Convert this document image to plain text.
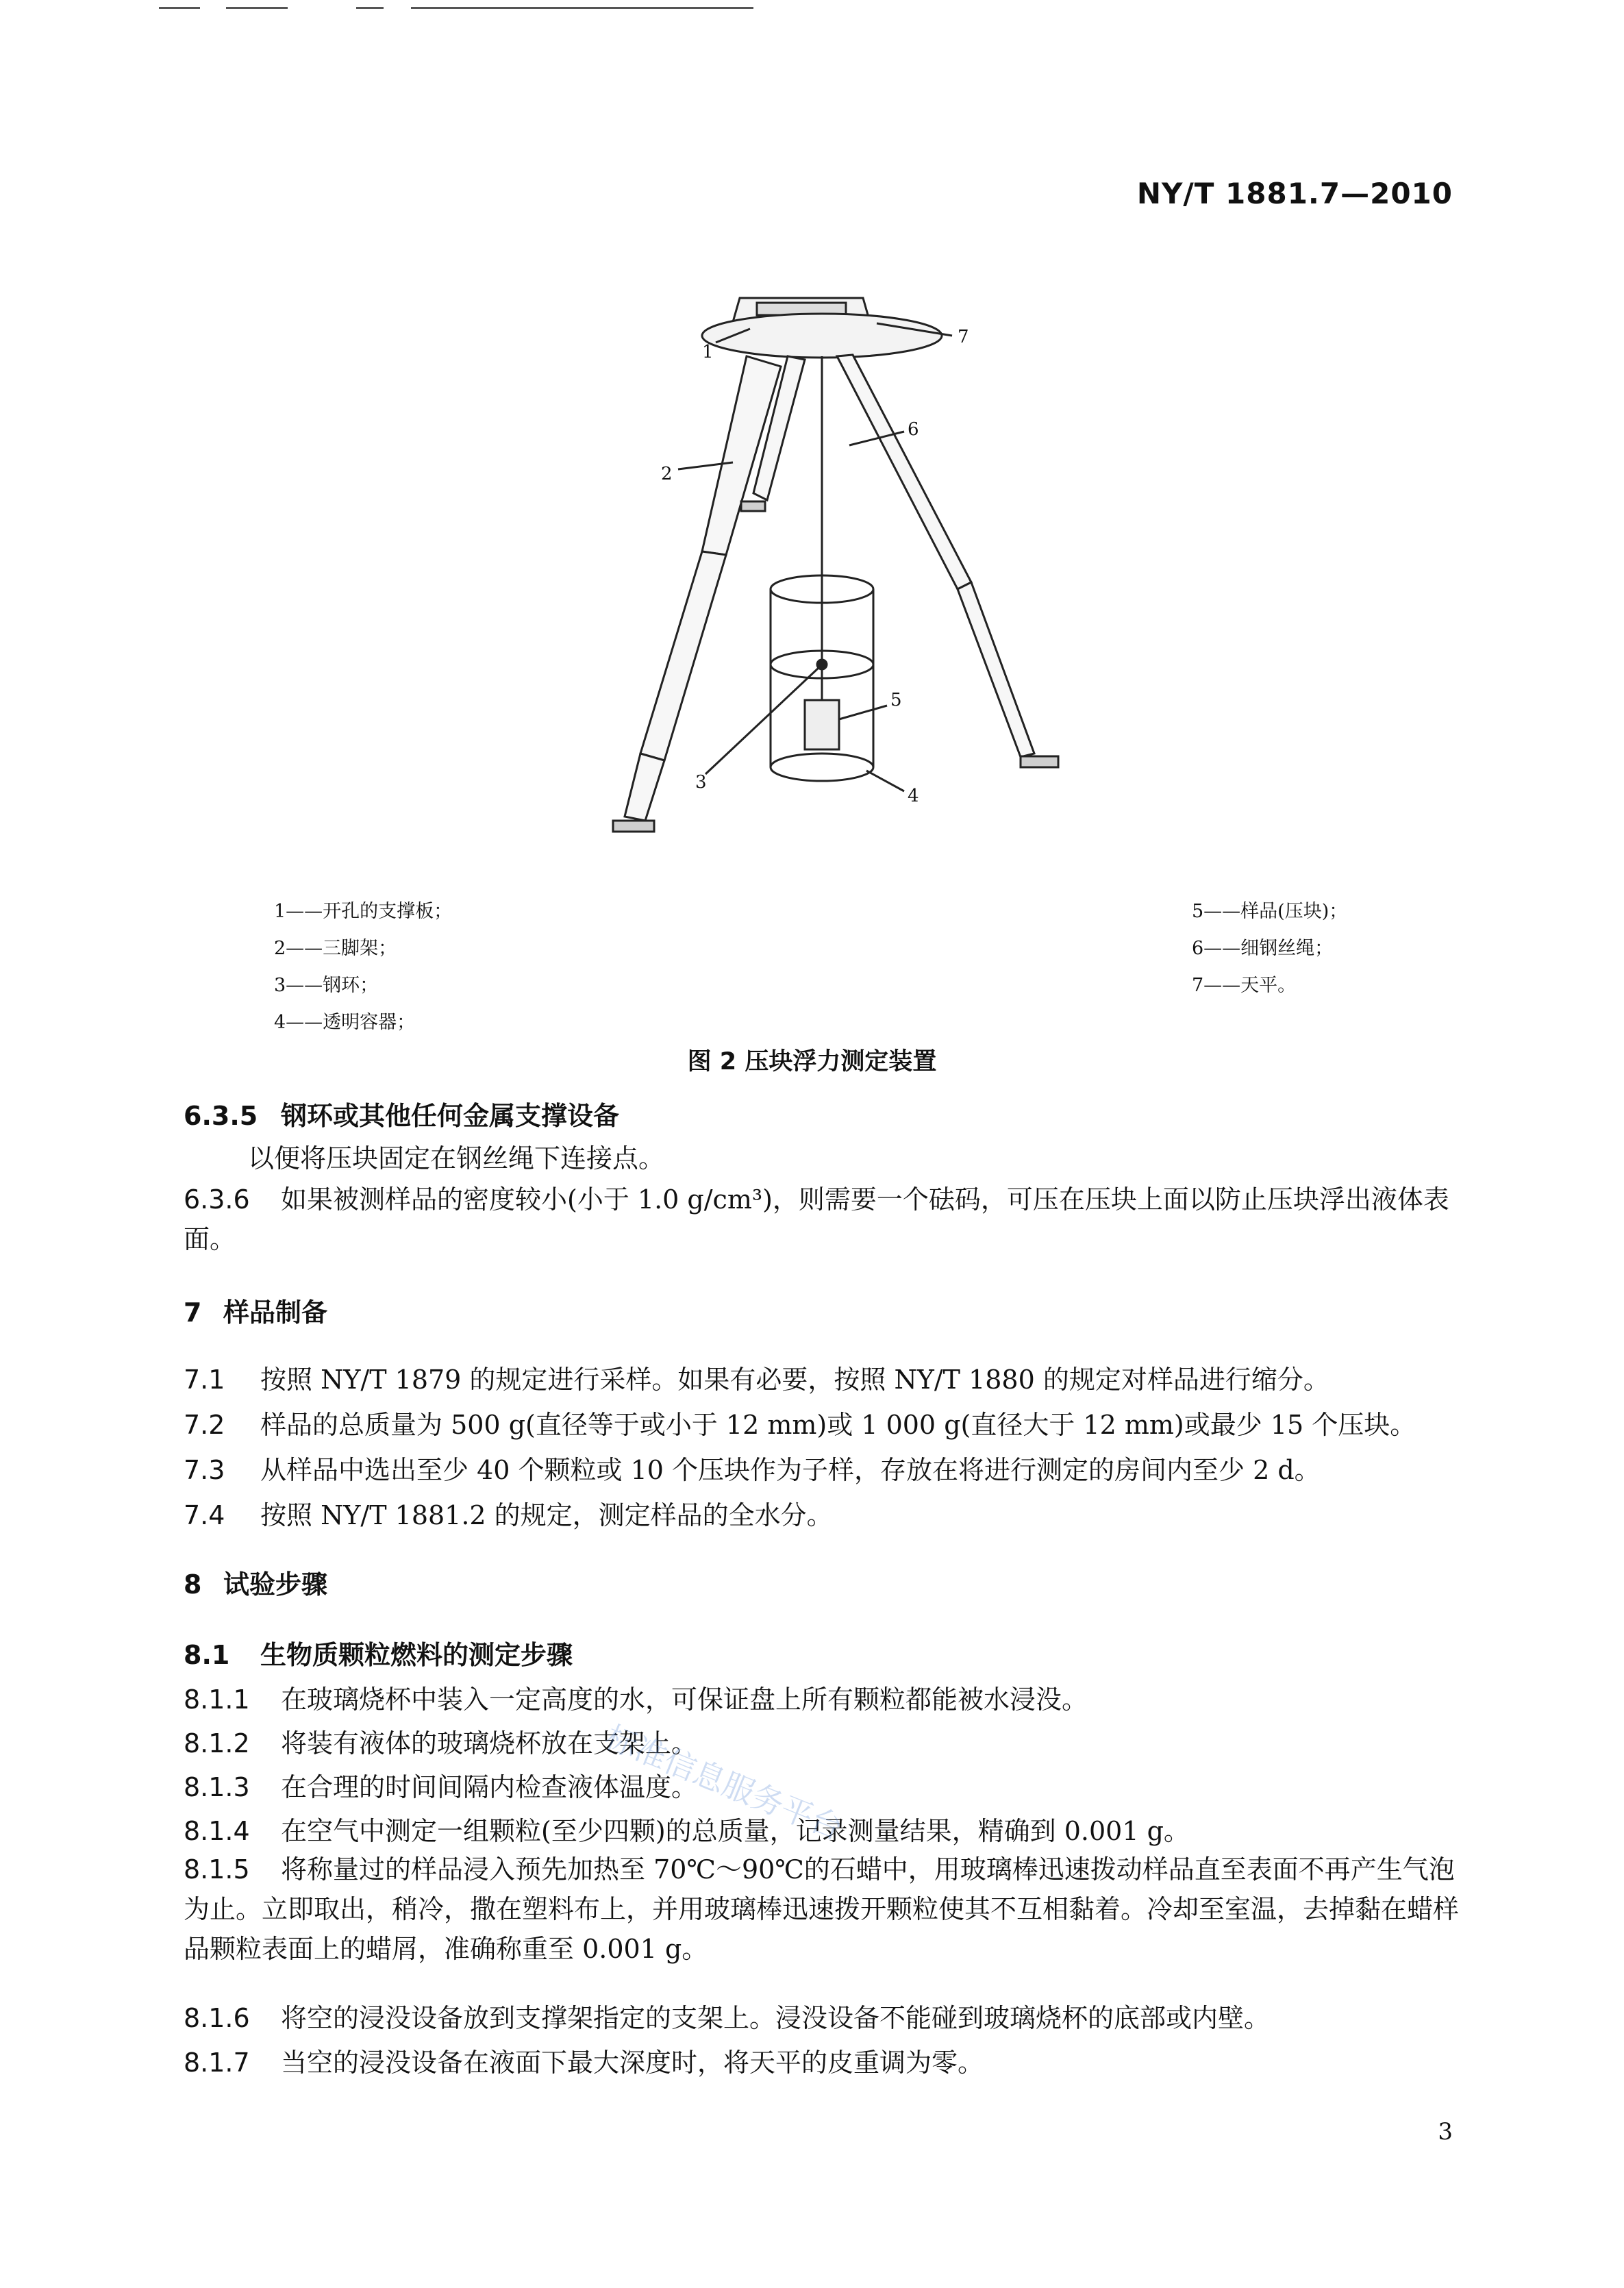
NY/T 1881.7—2010
1
2
3
4
5
6
7
1——开孔的支撑板；
2——三脚架；
3——钢环；
4——透明容器；
5——样品(压块)；
6——细钢丝绳；
7——天平。
图 2 压块浮力测定装置
6.3.5 钢环或其他任何金属支撑设备
以便将压块固定在钢丝绳下连接点。
6.3.6 如果被测样品的密度较小(小于 1.0 g/cm³)，则需要一个砝码，可压在压块上面以防止压块浮出液体表面。
7 样品制备
7.1 按照 NY/T 1879 的规定进行采样。如果有必要，按照 NY/T 1880 的规定对样品进行缩分。
7.2 样品的总质量为 500 g(直径等于或小于 12 mm)或 1 000 g(直径大于 12 mm)或最少 15 个压块。
7.3 从样品中选出至少 40 个颗粒或 10 个压块作为子样，存放在将进行测定的房间内至少 2 d。
7.4 按照 NY/T 1881.2 的规定，测定样品的全水分。
8 试验步骤
8.1 生物质颗粒燃料的测定步骤
8.1.1 在玻璃烧杯中装入一定高度的水，可保证盘上所有颗粒都能被水浸没。
8.1.2 将装有液体的玻璃烧杯放在支架上。
8.1.3 在合理的时间间隔内检查液体温度。
8.1.4 在空气中测定一组颗粒(至少四颗)的总质量，记录测量结果，精确到 0.001 g。
8.1.5 将称量过的样品浸入预先加热至 70℃～90℃的石蜡中，用玻璃棒迅速拨动样品直至表面不再产生气泡为止。立即取出，稍冷，撒在塑料布上，并用玻璃棒迅速拨开颗粒使其不互相黏着。冷却至室温，去掉黏在蜡样品颗粒表面上的蜡屑，准确称重至 0.001 g。
8.1.6 将空的浸没设备放到支撑架指定的支架上。浸没设备不能碰到玻璃烧杯的底部或内壁。
8.1.7 当空的浸没设备在液面下最大深度时，将天平的皮重调为零。
标准信息服务平台
3
